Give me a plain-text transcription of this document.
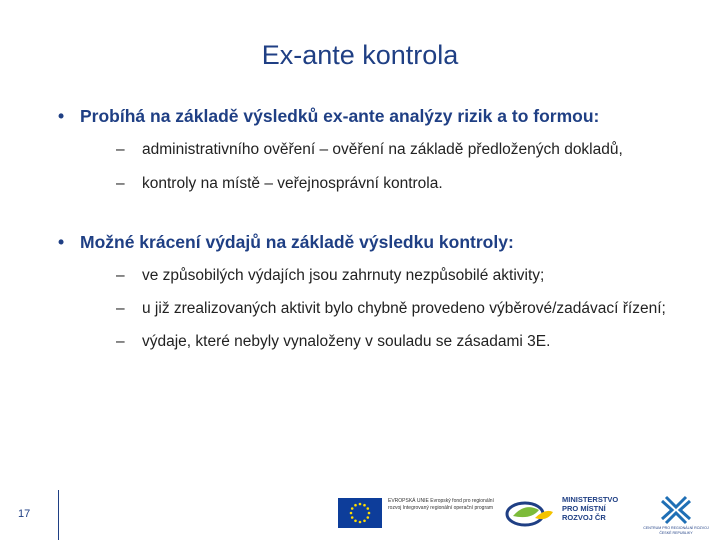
Ex-ante kontrola
• Probíhá na základě výsledků ex-ante analýzy rizik a to formou:
– administrativního ověření – ověření na základě předložených dokladů,
– kontroly na místě – veřejnosprávní kontrola.
• Možné krácení výdajů na základě výsledku kontroly:
– ve způsobilých výdajích jsou zahrnuty nezpůsobilé aktivity;
– u již zrealizovaných aktivit bylo chybně provedeno výběrové/zadávací řízení;
– výdaje, které nebyly vynaloženy v souladu se zásadami 3E.
17
EVROPSKÁ UNIE Evropský fond pro regionální rozvoj Integrovaný regionální operační program
MINISTERSTVO PRO MÍSTNÍ ROZVOJ ČR
CENTRUM PRO REGIONÁLNÍ ROZVOJ ČESKÉ REPUBLIKY
